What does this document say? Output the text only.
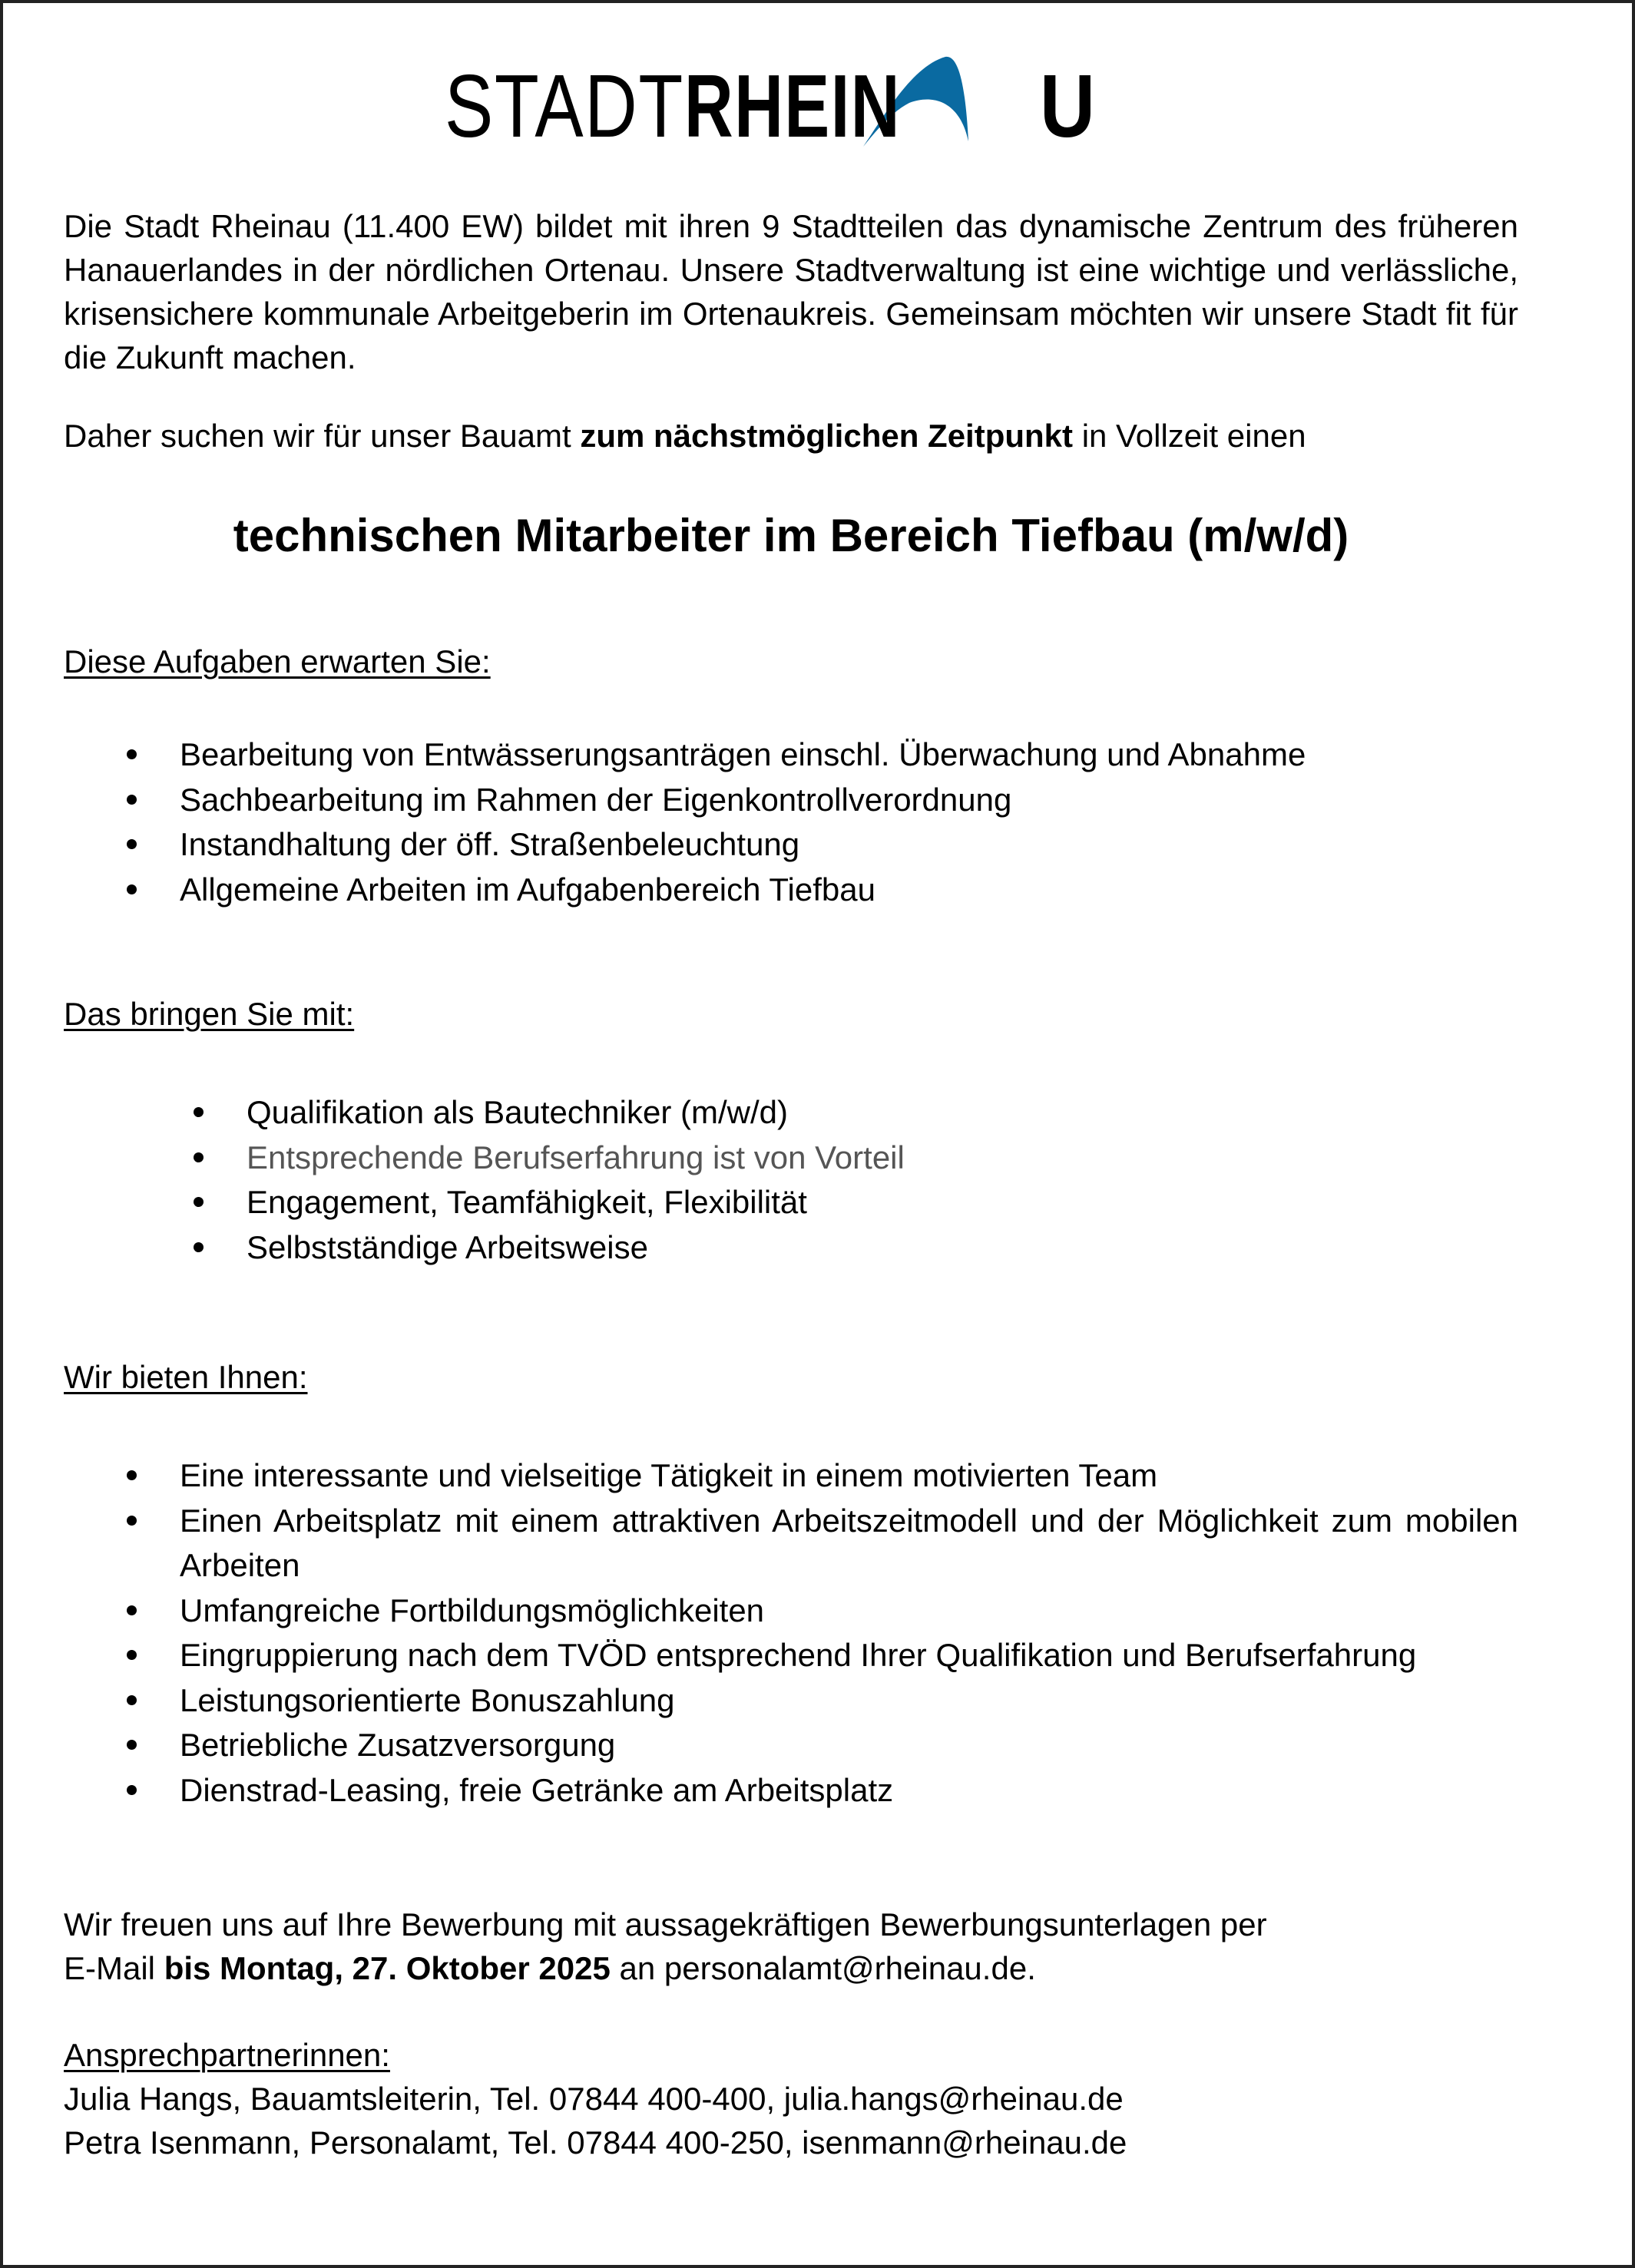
STADTRHEIN U

Die Stadt Rheinau (11.400 EW) bildet mit ihren 9 Stadtteilen das dynamische Zentrum des früheren Hanauerlandes in der nördlichen Ortenau. Unsere Stadtverwaltung ist eine wichtige und verlässliche, krisensichere kommunale Arbeitgeberin im Ortenaukreis. Gemeinsam möchten wir unsere Stadt fit für die Zukunft machen.

Daher suchen wir für unser Bauamt zum nächstmöglichen Zeitpunkt in Vollzeit einen

technischen Mitarbeiter im Bereich Tiefbau (m/w/d)

Diese Aufgaben erwarten Sie:

Bearbeitung von Entwässerungsanträgen einschl. Überwachung und Abnahme
Sachbearbeitung im Rahmen der Eigenkontrollverordnung
Instandhaltung der öff. Straßenbeleuchtung
Allgemeine Arbeiten im Aufgabenbereich Tiefbau

Das bringen Sie mit:

Qualifikation als Bautechniker (m/w/d)
Entsprechende Berufserfahrung ist von Vorteil
Engagement, Teamfähigkeit, Flexibilität
Selbstständige Arbeitsweise

Wir bieten Ihnen:

Eine interessante und vielseitige Tätigkeit in einem motivierten Team
Einen Arbeitsplatz mit einem attraktiven Arbeitszeitmodell und der Möglichkeit zum mobilen Arbeiten
Umfangreiche Fortbildungsmöglichkeiten
Eingruppierung nach dem TVÖD entsprechend Ihrer Qualifikation und Berufserfahrung
Leistungsorientierte Bonuszahlung
Betriebliche Zusatzversorgung
Dienstrad-Leasing, freie Getränke am Arbeitsplatz

Wir freuen uns auf Ihre Bewerbung mit aussagekräftigen Bewerbungsunterlagen per
E-Mail bis Montag, 27. Oktober 2025 an personalamt@rheinau.de.

Ansprechpartnerinnen:
Julia Hangs, Bauamtsleiterin, Tel. 07844 400-400, julia.hangs@rheinau.de
Petra Isenmann, Personalamt, Tel. 07844 400-250, isenmann@rheinau.de
